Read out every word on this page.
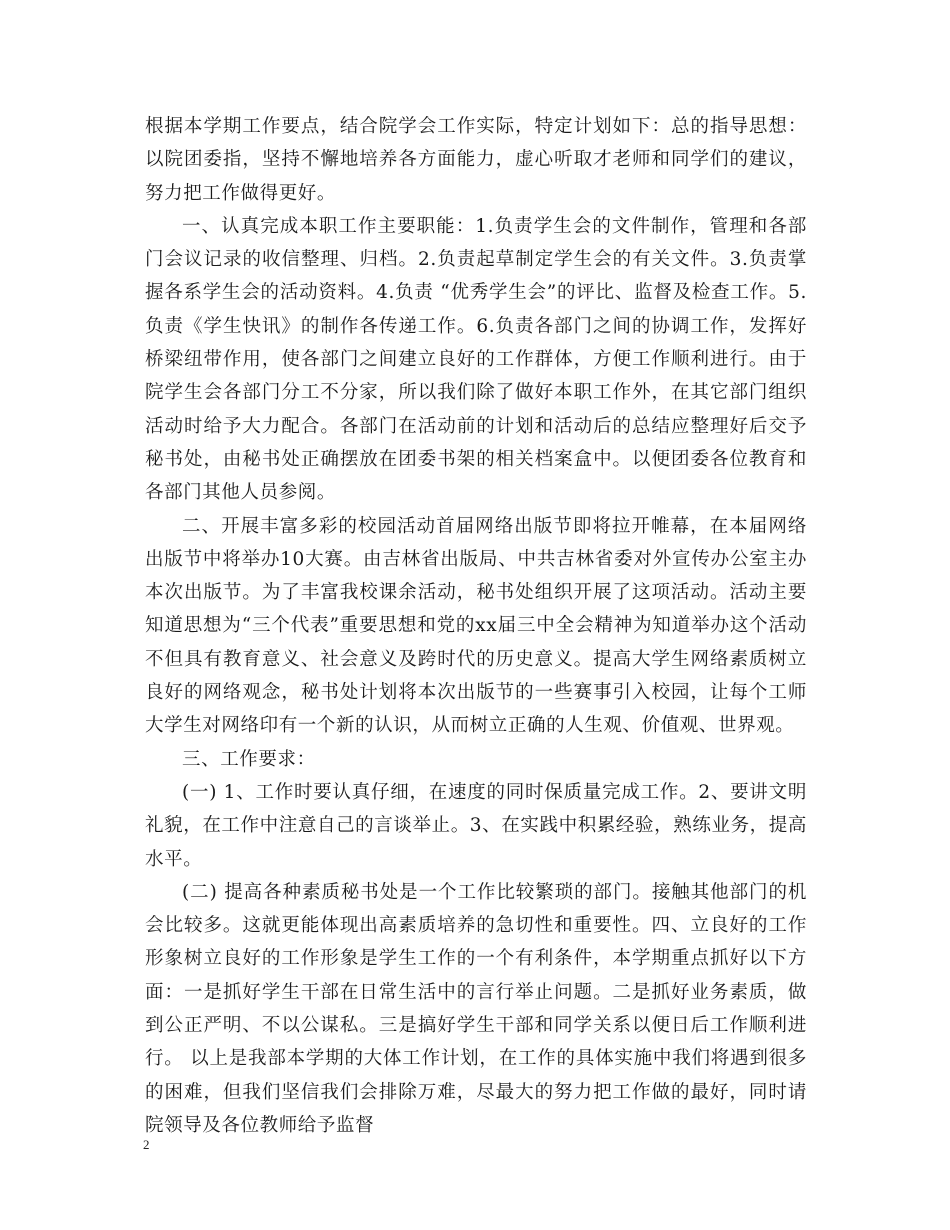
根据本学期工作要点，结合院学会工作实际，特定计划如下：总的指导思想：以院团委指，坚持不懈地培养各方面能力，虚心听取才老师和同学们的建议，努力把工作做得更好。

一、认真完成本职工作主要职能：1.负责学生会的文件制作，管理和各部门会议记录的收信整理、归档。2.负责起草制定学生会的有关文件。3.负责掌握各系学生会的活动资料。4.负责 “优秀学生会”的评比、监督及检查工作。5.负责《学生快讯》的制作各传递工作。6.负责各部门之间的协调工作，发挥好桥梁纽带作用，使各部门之间建立良好的工作群体，方便工作顺利进行。由于院学生会各部门分工不分家，所以我们除了做好本职工作外，在其它部门组织活动时给予大力配合。各部门在活动前的计划和活动后的总结应整理好后交予秘书处，由秘书处正确摆放在团委书架的相关档案盒中。以便团委各位教育和各部门其他人员参阅。

二、开展丰富多彩的校园活动首届网络出版节即将拉开帷幕，在本届网络出版节中将举办10大赛。由吉林省出版局、中共吉林省委对外宣传办公室主办本次出版节。为了丰富我校课余活动，秘书处组织开展了这项活动。活动主要知道思想为“三个代表”重要思想和党的xx届三中全会精神为知道举办这个活动不但具有教育意义、社会意义及跨时代的历史意义。提高大学生网络素质树立良好的网络观念，秘书处计划将本次出版节的一些赛事引入校园，让每个工师大学生对网络印有一个新的认识，从而树立正确的人生观、价值观、世界观。

三、工作要求：

(一) 1、工作时要认真仔细，在速度的同时保质量完成工作。2、要讲文明礼貌，在工作中注意自己的言谈举止。3、在实践中积累经验，熟练业务，提高水平。

(二) 提高各种素质秘书处是一个工作比较繁琐的部门。接触其他部门的机会比较多。这就更能体现出高素质培养的急切性和重要性。四、立良好的工作形象树立良好的工作形象是学生工作的一个有利条件，本学期重点抓好以下方面：一是抓好学生干部在日常生活中的言行举止问题。二是抓好业务素质，做到公正严明、不以公谋私。三是搞好学生干部和同学关系以便日后工作顺利进行。 以上是我部本学期的大体工作计划，在工作的具体实施中我们将遇到很多的困难，但我们坚信我们会排除万难，尽最大的努力把工作做的最好，同时请院领导及各位教师给予监督

2
